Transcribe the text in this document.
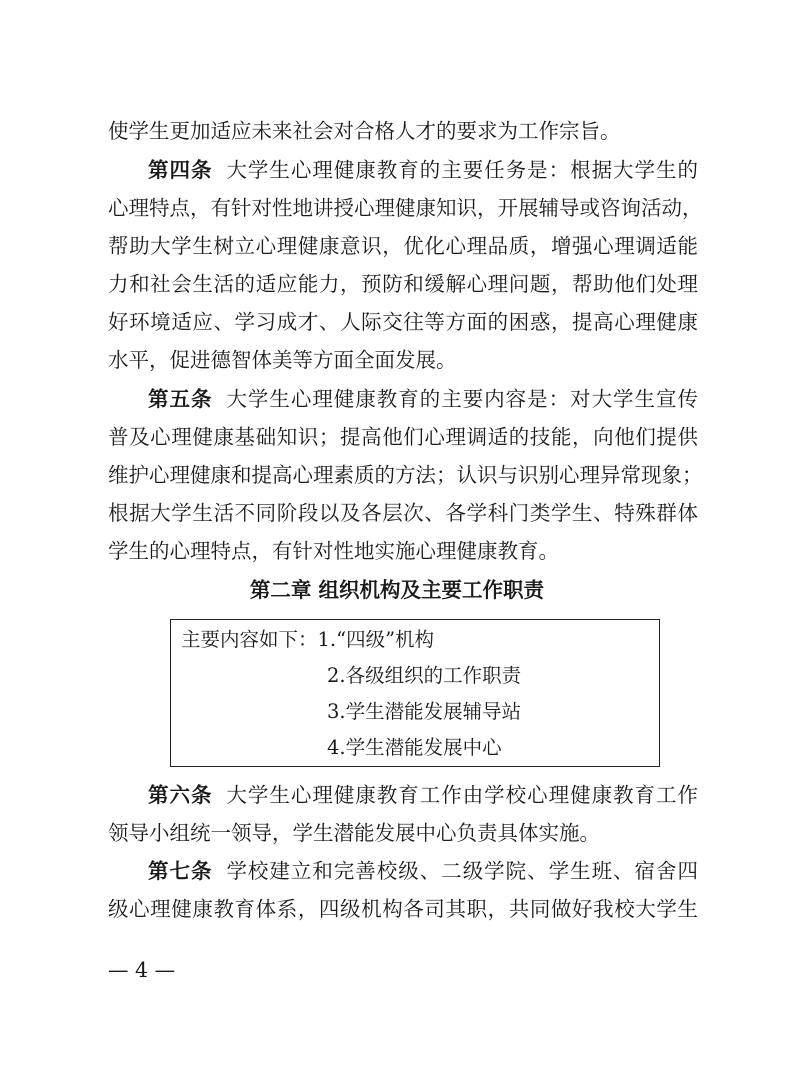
使学生更加适应未来社会对合格人才的要求为工作宗旨。
第四条 大学生心理健康教育的主要任务是：根据大学生的
心理特点，有针对性地讲授心理健康知识，开展辅导或咨询活动，
帮助大学生树立心理健康意识，优化心理品质，增强心理调适能
力和社会生活的适应能力，预防和缓解心理问题，帮助他们处理
好环境适应、学习成才、人际交往等方面的困惑，提高心理健康
水平，促进德智体美等方面全面发展。
第五条 大学生心理健康教育的主要内容是：对大学生宣传
普及心理健康基础知识；提高他们心理调适的技能，向他们提供
维护心理健康和提高心理素质的方法；认识与识别心理异常现象；
根据大学生活不同阶段以及各层次、各学科门类学生、特殊群体
学生的心理特点，有针对性地实施心理健康教育。
第二章 组织机构及主要工作职责
主要内容如下：1.“四级”机构
2.各级组织的工作职责
3.学生潜能发展辅导站
4.学生潜能发展中心
第六条 大学生心理健康教育工作由学校心理健康教育工作
领导小组统一领导，学生潜能发展中心负责具体实施。
第七条 学校建立和完善校级、二级学院、学生班、宿舍四
级心理健康教育体系，四级机构各司其职，共同做好我校大学生
— 4 —
